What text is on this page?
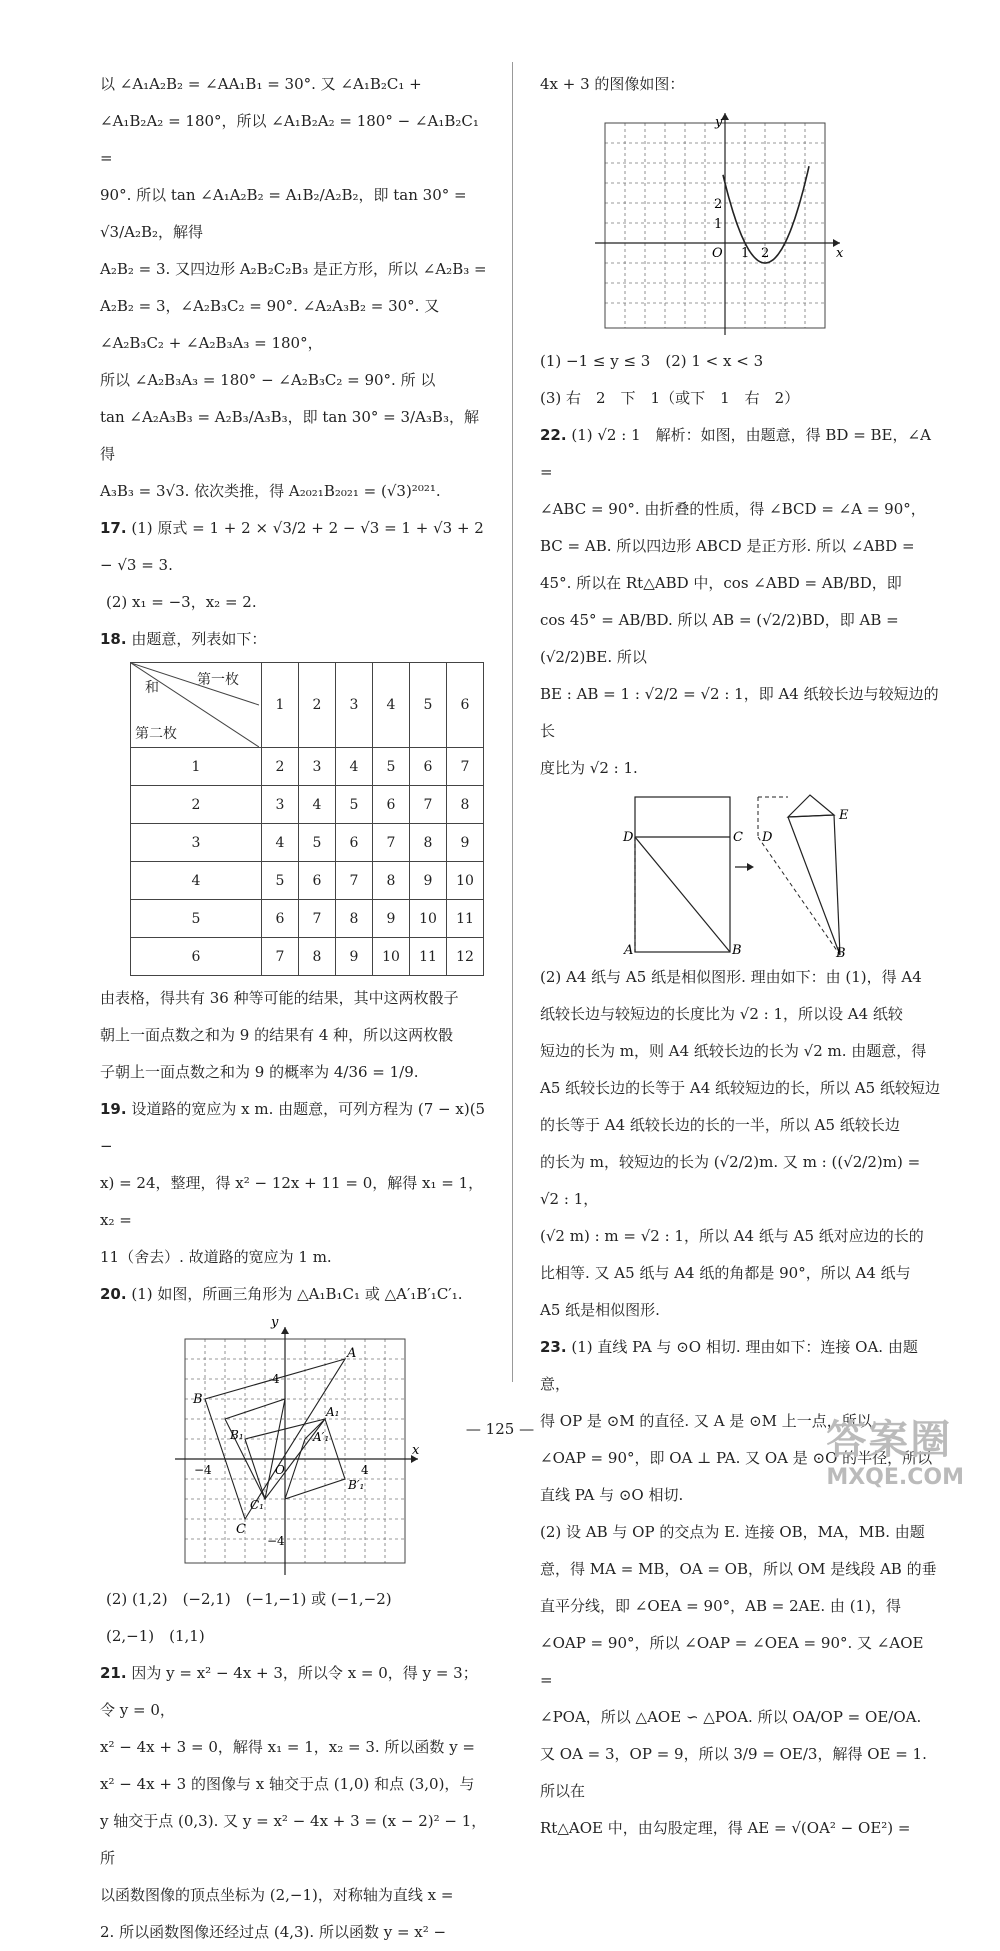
以 ∠A₁A₂B₂ = ∠AA₁B₁ = 30°. 又 ∠A₁B₂C₁ +

∠A₁B₂A₂ = 180°，所以 ∠A₁B₂A₂ = 180° − ∠A₁B₂C₁ =

90°. 所以 tan ∠A₁A₂B₂ = A₁B₂/A₂B₂，即 tan 30° = √3/A₂B₂，解得

A₂B₂ = 3. 又四边形 A₂B₂C₂B₃ 是正方形，所以 ∠A₂B₃ =

A₂B₂ = 3，∠A₂B₃C₂ = 90°. ∠A₂A₃B₂ = 30°. 又 ∠A₂B₃C₂ + ∠A₂B₃A₃ = 180°，

所以 ∠A₂B₃A₃ = 180° − ∠A₂B₃C₂ = 90°. 所 以

tan ∠A₂A₃B₃ = A₂B₃/A₃B₃，即 tan 30° = 3/A₃B₃，解 得

A₃B₃ = 3√3. 依次类推，得 A₂₀₂₁B₂₀₂₁ = (√3)²⁰²¹.

17. (1) 原式 = 1 + 2 × √3/2 + 2 − √3 = 1 + √3 + 2 − √3 = 3.

(2) x₁ = −3，x₂ = 2.

18. 由题意，列表如下：

第一枚
和
第二枚	1	2	3	4	5	6
1	2	3	4	5	6	7
2	3	4	5	6	7	8
3	4	5	6	7	8	9
4	5	6	7	8	9	10
5	6	7	8	9	10	11
6	7	8	9	10	11	12

由表格，得共有 36 种等可能的结果，其中这两枚骰子

朝上一面点数之和为 9 的结果有 4 种，所以这两枚骰

子朝上一面点数之和为 9 的概率为 4/36 = 1/9.

19. 设道路的宽应为 x m. 由题意，可列方程为 (7 − x)(5 −

x) = 24，整理，得 x² − 12x + 11 = 0，解得 x₁ = 1，x₂ =

11（舍去）. 故道路的宽应为 1 m.

20. (1) 如图，所画三角形为 △A₁B₁C₁ 或 △A′₁B′₁C′₁.

y
x
−4	4
4
−4
O
A
B
C
A₁
B₁
C₁
A′₁
B′₁

(2) (1,2)　(−2,1)　(−1,−1) 或 (−1,−2)

(2,−1)　(1,1)

21. 因为 y = x² − 4x + 3，所以令 x = 0，得 y = 3；令 y = 0，

x² − 4x + 3 = 0，解得 x₁ = 1，x₂ = 3. 所以函数 y =

x² − 4x + 3 的图像与 x 轴交于点 (1,0) 和点 (3,0)，与

y 轴交于点 (0,3). 又 y = x² − 4x + 3 = (x − 2)² − 1，所

以函数图像的顶点坐标为 (2,−1)，对称轴为直线 x =

2. 所以函数图像还经过点 (4,3). 所以函数 y = x² −

4x + 3 的图像如图：

y
x
O 1 2
1
2

(1) −1 ≤ y ≤ 3　(2) 1 < x < 3

(3) 右　2　下　1（或下　1　右　2）

22. (1) √2 : 1　解析：如图，由题意，得 BD = BE，∠A =

∠ABC = 90°. 由折叠的性质，得 ∠BCD = ∠A = 90°，

BC = AB. 所以四边形 ABCD 是正方形. 所以 ∠ABD =

45°. 所以在 Rt△ABD 中，cos ∠ABD = AB/BD，即

cos 45° = AB/BD. 所以 AB = (√2/2)BD，即 AB = (√2/2)BE. 所以

BE : AB = 1 : √2/2 = √2 : 1，即 A4 纸较长边与较短边的长

度比为 √2 : 1.

D	C
A	B
E
D
B

(2) A4 纸与 A5 纸是相似图形. 理由如下：由 (1)，得 A4

纸较长边与较短边的长度比为 √2 : 1，所以设 A4 纸较

短边的长为 m，则 A4 纸较长边的长为 √2 m. 由题意，得

A5 纸较长边的长等于 A4 纸较短边的长，所以 A5 纸较短边

的长等于 A4 纸较长边的长的一半，所以 A5 纸较长边

的长为 m，较短边的长为 (√2/2)m. 又 m : ((√2/2)m) = √2 : 1，

(√2 m) : m = √2 : 1，所以 A4 纸与 A5 纸对应边的长的

比相等. 又 A5 纸与 A4 纸的角都是 90°，所以 A4 纸与

A5 纸是相似图形.

23. (1) 直线 PA 与 ⊙O 相切. 理由如下：连接 OA. 由题意，

得 OP 是 ⊙M 的直径. 又 A 是 ⊙M 上一点，所以

∠OAP = 90°，即 OA ⊥ PA. 又 OA 是 ⊙O 的半径，所以

直线 PA 与 ⊙O 相切.

(2) 设 AB 与 OP 的交点为 E. 连接 OB，MA，MB. 由题

意，得 MA = MB，OA = OB，所以 OM 是线段 AB 的垂

直平分线，即 ∠OEA = 90°，AB = 2AE. 由 (1)，得

∠OAP = 90°，所以 ∠OAP = ∠OEA = 90°. 又 ∠AOE =

∠POA，所以 △AOE ∽ △POA. 所以 OA/OP = OE/OA.

又 OA = 3，OP = 9，所以 3/9 = OE/3，解得 OE = 1. 所以在

Rt△AOE 中，由勾股定理，得 AE = √(OA² − OE²) =

— 125 —	答案圈
MXQE.COM
